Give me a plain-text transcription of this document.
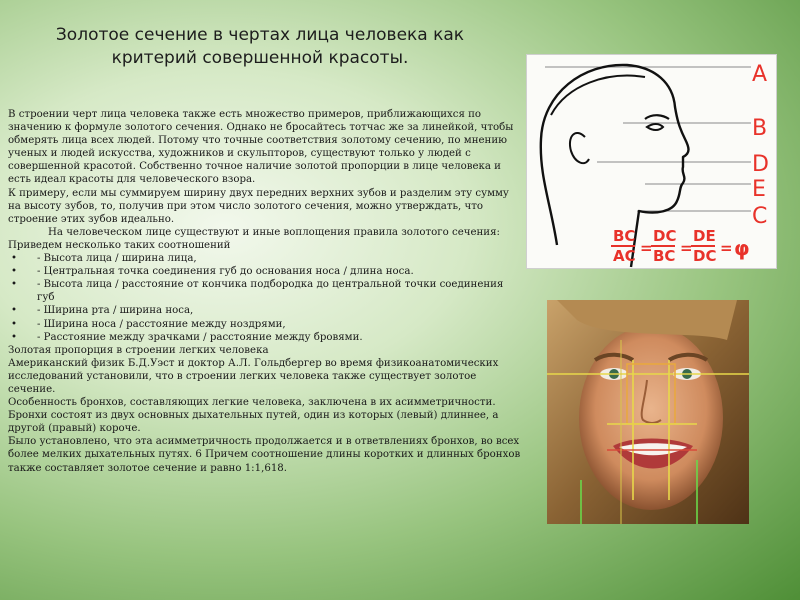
Золотое сечение в чертах лица человека как критерий совершенной красоты.

В строении черт лица человека также есть множество примеров, приближающихся по значению к формуле золотого сечения. Однако не бросайтесь тотчас же за линейкой, чтобы обмерять лица всех людей. Потому что точные соответствия золотому сечению, по мнению ученых и людей искусства, художников и скульпторов, существуют только у людей с совершенной красотой. Собственно точное наличие золотой пропорции в лице человека и есть идеал красоты для человеческого взора.

К примеру, если мы суммируем ширину двух передних верхних зубов и разделим эту сумму на высоту зубов, то, получив при этом число золотого сечения, можно утверждать, что строение этих зубов идеально.

На человеческом лице существуют и иные воплощения правила золотого сечения:

Приведем несколько таких соотношений

• - Высота лица / ширина лица,
• - Центральная точка соединения губ до основания носа / длина носа.
• - Высота лица / расстояние от кончика подбородка до центральной точки соединения губ
• - Ширина рта / ширина носа,
• - Ширина носа / расстояние между ноздрями,
• - Расстояние между зрачками / расстояние между бровями.

Золотая пропорция в строении легких человека

Американский физик Б.Д.Уэст и доктор А.Л. Гольдбергер во время физикоанатомических исследований установили, что в строении легких человека также существует золотое сечение.

Особенность бронхов, составляющих легкие человека, заключена в их асимметричности. Бронхи состоят из двух основных дыхательных путей, один из которых (левый) длиннее, а другой (правый) короче.

Было установлено, что эта асимметричность продолжается и в ответвлениях бронхов, во всех более мелких дыхательных путях. 6 Причем соотношение длины коротких и длинных бронхов также составляет золотое сечение и равно 1:1,618.

A
B
D
E
C
BC
AC =
DC
BC =
DE
DC = φ
